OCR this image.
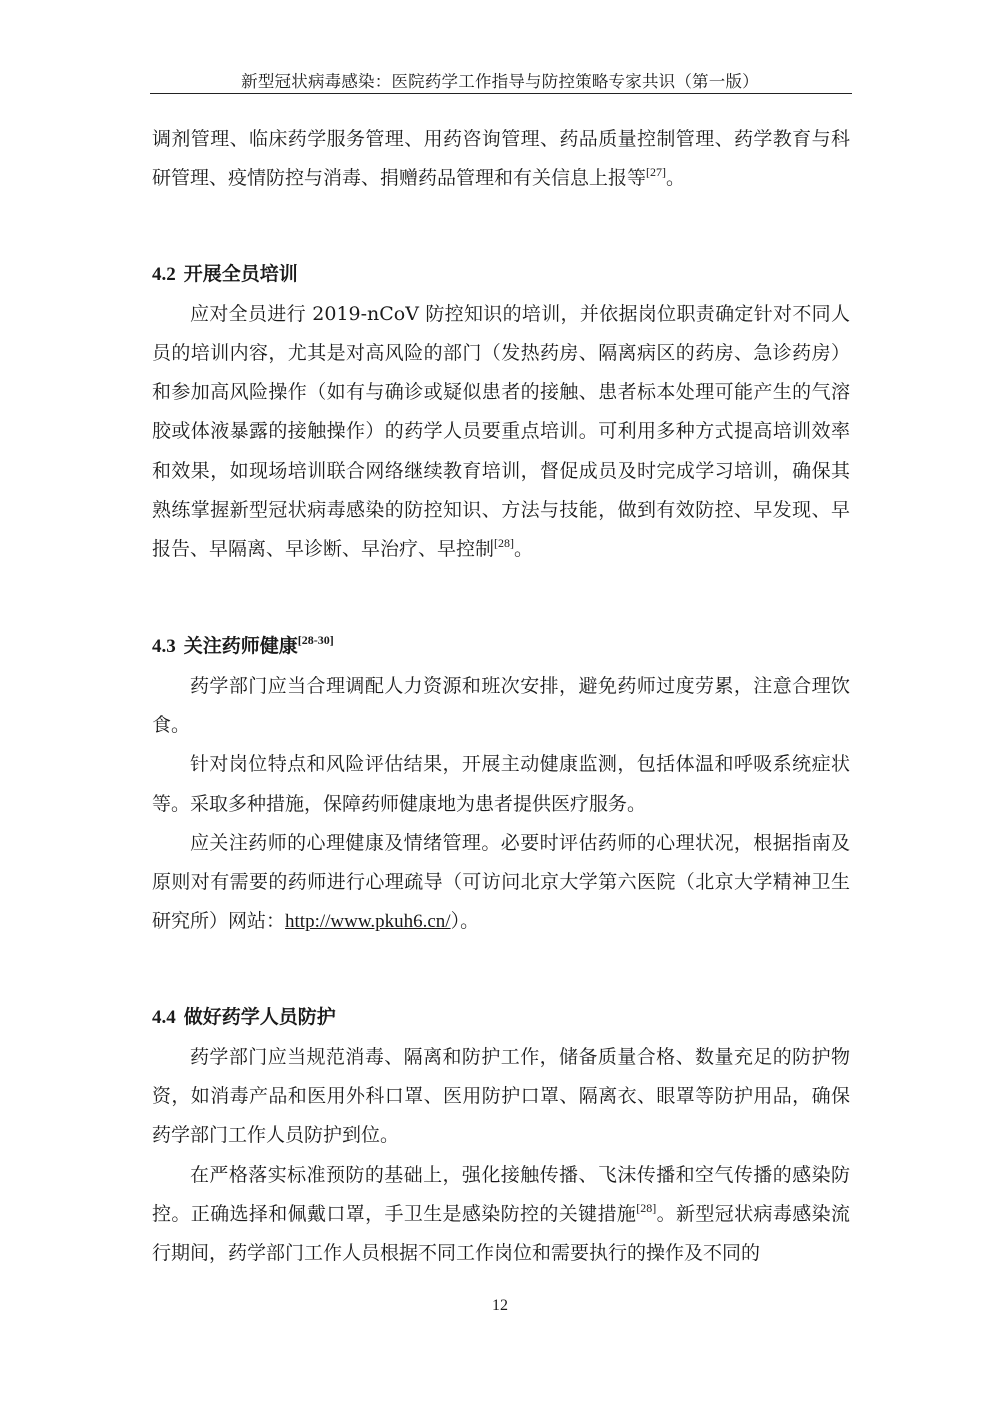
新型冠状病毒感染：医院药学工作指导与防控策略专家共识（第一版）

调剂管理、临床药学服务管理、用药咨询管理、药品质量控制管理、药学教育与科研管理、疫情防控与消毒、捐赠药品管理和有关信息上报等[27]。

4.2 开展全员培训

应对全员进行 2019-nCoV 防控知识的培训，并依据岗位职责确定针对不同人员的培训内容，尤其是对高风险的部门（发热药房、隔离病区的药房、急诊药房）和参加高风险操作（如有与确诊或疑似患者的接触、患者标本处理可能产生的气溶胶或体液暴露的接触操作）的药学人员要重点培训。可利用多种方式提高培训效率和效果，如现场培训联合网络继续教育培训，督促成员及时完成学习培训，确保其熟练掌握新型冠状病毒感染的防控知识、方法与技能，做到有效防控、早发现、早报告、早隔离、早诊断、早治疗、早控制[28]。

4.3 关注药师健康[28-30]

药学部门应当合理调配人力资源和班次安排，避免药师过度劳累，注意合理饮食。

针对岗位特点和风险评估结果，开展主动健康监测，包括体温和呼吸系统症状等。采取多种措施，保障药师健康地为患者提供医疗服务。

应关注药师的心理健康及情绪管理。必要时评估药师的心理状况，根据指南及原则对有需要的药师进行心理疏导（可访问北京大学第六医院（北京大学精神卫生研究所）网站：http://www.pkuh6.cn/）。

4.4 做好药学人员防护

药学部门应当规范消毒、隔离和防护工作，储备质量合格、数量充足的防护物资，如消毒产品和医用外科口罩、医用防护口罩、隔离衣、眼罩等防护用品，确保药学部门工作人员防护到位。

在严格落实标准预防的基础上，强化接触传播、飞沫传播和空气传播的感染防控。正确选择和佩戴口罩，手卫生是感染防控的关键措施[28]。新型冠状病毒感染流行期间，药学部门工作人员根据不同工作岗位和需要执行的操作及不同的

12
